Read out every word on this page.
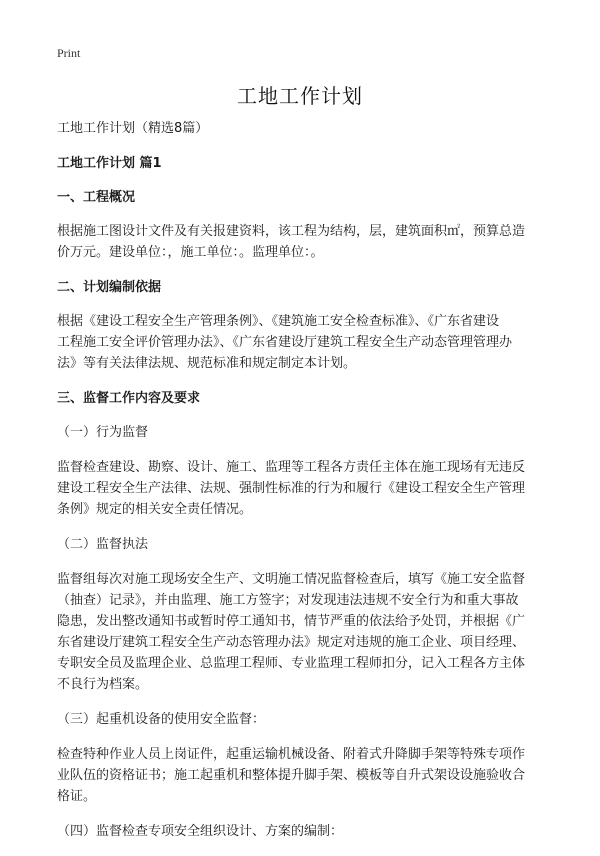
Print
工地工作计划

工地工作计划（精选8篇）

工地工作计划 篇1

一、工程概况

根据施工图设计文件及有关报建资料，该工程为结构，层，建筑面积㎡，预算总造

价万元。建设单位：，施工单位：。监理单位：。

二、计划编制依据

根据《建设工程安全生产管理条例》、《建筑施工安全检查标准》、《广东省建设

工程施工安全评价管理办法》、《广东省建设厅建筑工程安全生产动态管理管理办

法》等有关法律法规、规范标准和规定制定本计划。

三、监督工作内容及要求

（一）行为监督

监督检查建设、勘察、设计、施工、监理等工程各方责任主体在施工现场有无违反

建设工程安全生产法律、法规、强制性标准的行为和履行《建设工程安全生产管理

条例》规定的相关安全责任情况。

（二）监督执法

监督组每次对施工现场安全生产、文明施工情况监督检查后，填写《施工安全监督

（抽查）记录》，并由监理、施工方签字；对发现违法违规不安全行为和重大事故

隐患，发出整改通知书或暂时停工通知书，情节严重的依法给予处罚，并根据《广

东省建设厅建筑工程安全生产动态管理办法》规定对违规的施工企业、项目经理、

专职安全员及监理企业、总监理工程师、专业监理工程师扣分，记入工程各方主体

不良行为档案。

（三）起重机设备的使用安全监督：

检查特种作业人员上岗证件，起重运输机械设备、附着式升降脚手架等特殊专项作

业队伍的资格证书；施工起重机和整体提升脚手架、模板等自升式架设设施验收合

格证。

（四）监督检查专项安全组织设计、方案的编制：
